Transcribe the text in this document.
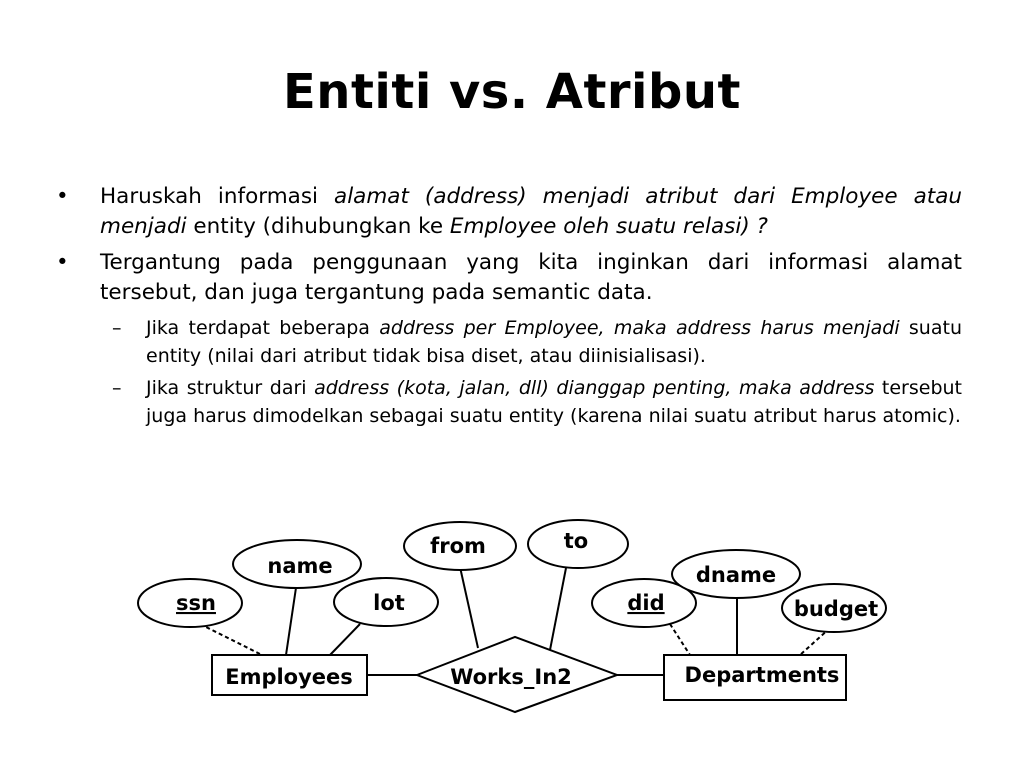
Entiti vs. Atribut
•	Haruskah informasi alamat (address) menjadi atribut dari Employee atau menjadi entity (dihubungkan ke Employee oleh suatu relasi) ?
•	Tergantung pada penggunaan yang kita inginkan dari informasi alamat tersebut, dan juga tergantung pada semantic data.
–	Jika terdapat beberapa address per Employee, maka address harus menjadi suatu entity (nilai dari atribut tidak bisa diset, atau diinisialisasi).
–	Jika struktur dari address (kota, jalan, dll) dianggap penting, maka address tersebut juga harus dimodelkan sebagai suatu entity (karena nilai suatu atribut harus atomic).
ssn
name
lot
from	to
did
dname
budget
Employees	Departments
Works_In2
